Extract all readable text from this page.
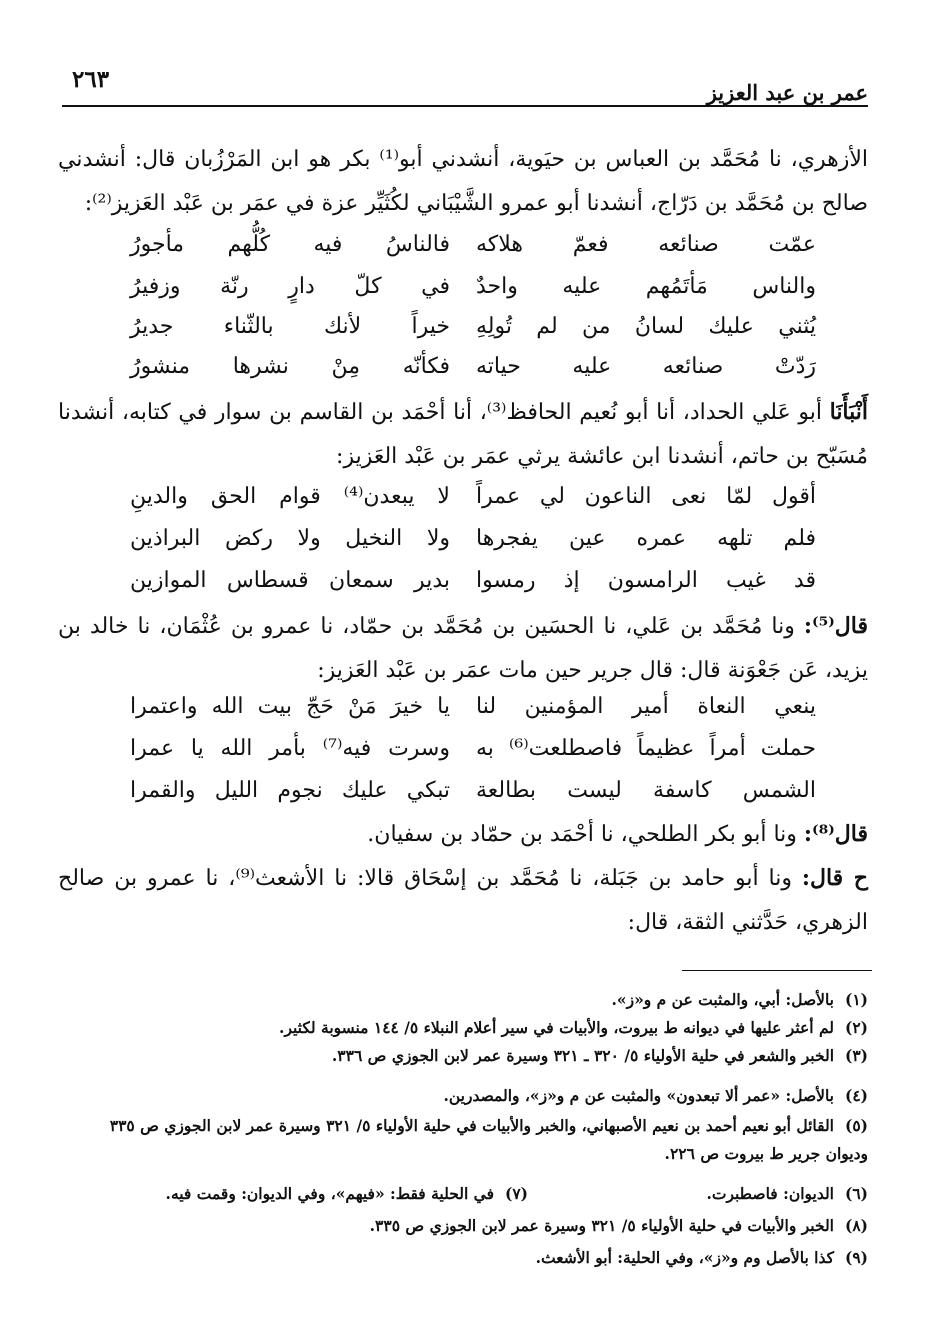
عمر بن عبد العزيز
٢٦٣
الأزهري، نا مُحَمَّد بن العباس بن حيَوية، أنشدني أبو⁽¹⁾ بكر هو ابن المَرْزُبان قال: أنشدني صالح بن مُحَمَّد بن دَرّاج، أنشدنا أبو عمرو الشَّيْبَاني لكُثَيِّر عزة في عمَر بن عَبْد العَزيز⁽²⁾:
عمّت صنائعه فعمّ هلاكه
فالناسُ فيه كُلُّهم مأجورُ
والناس مَأتَمُهم عليه واحدٌ
في كلّ دارٍ رنّة وزفيرُ
يُثني عليك لسانُ من لم تُولِهِ
خيراً لأنك بالثّناء جديرُ
رَدّتْ صنائعه عليه حياته
فكأنّه مِنْ نشرها منشورُ
أَنْبَأَنَا أبو عَلي الحداد، أنا أبو نُعيم الحافظ⁽³⁾، أنا أحْمَد بن القاسم بن سوار في كتابه، أنشدنا مُسَبّح بن حاتم، أنشدنا ابن عائشة يرثي عمَر بن عَبْد العَزيز:
أقول لمّا نعى الناعون لي عمراً
لا يبعدن⁽⁴⁾ قوام الحق والدينِ
فلم تلهه عمره عين يفجرها
ولا النخيل ولا ركض البراذين
قد غيب الرامسون إذ رمسوا
بدير سمعان قسطاس الموازين
قال⁽⁵⁾: ونا مُحَمَّد بن عَلي، نا الحسَين بن مُحَمَّد بن حمّاد، نا عمرو بن عُثْمَان، نا خالد بن يزيد، عَن جَعْوَنة قال: قال جرير حين مات عمَر بن عَبْد العَزيز:
ينعي النعاة أمير المؤمنين لنا
يا خيرَ مَنْ حَجّ بيت الله واعتمرا
حملت أمراً عظيماً فاصطلعت⁽⁶⁾ به
وسرت فيه⁽⁷⁾ بأمر الله يا عمرا
الشمس كاسفة ليست بطالعة
تبكي عليك نجوم الليل والقمرا
قال⁽⁸⁾: ونا أبو بكر الطلحي، نا أحْمَد بن حمّاد بن سفيان.
ح قال: ونا أبو حامد بن جَبَلة، نا مُحَمَّد بن إسْحَاق قالا: نا الأشعث⁽⁹⁾، نا عمرو بن صالح الزهري، حَدَّثني الثقة، قال:
(١)بالأصل: أبي، والمثبت عن م و«ز».
(٢)لم أعثر عليها في ديوانه ط بيروت، والأبيات في سير أعلام النبلاء ٥/ ١٤٤ منسوبة لكثير.
(٣)الخبر والشعر في حلية الأولياء ٥/ ٣٢٠ ـ ٣٢١ وسيرة عمر لابن الجوزي ص ٣٣٦.
(٤)بالأصل: «عمر ألا تبعدون» والمثبت عن م و«ز»، والمصدرين.
(٥)القائل أبو نعيم أحمد بن نعيم الأصبهاني، والخبر والأبيات في حلية الأولياء ٥/ ٣٢١ وسيرة عمر لابن الجوزي ص ٣٣٥ وديوان جرير ط بيروت ص ٢٢٦.
(٦)الديوان: فاصطبرت.(٧)في الحلية فقط: «فيهم»، وفي الديوان: وقمت فيه.
(٨)الخبر والأبيات في حلية الأولياء ٥/ ٣٢١ وسيرة عمر لابن الجوزي ص ٣٣٥.
(٩)كذا بالأصل وم و«ز»، وفي الحلية: أبو الأشعث.
